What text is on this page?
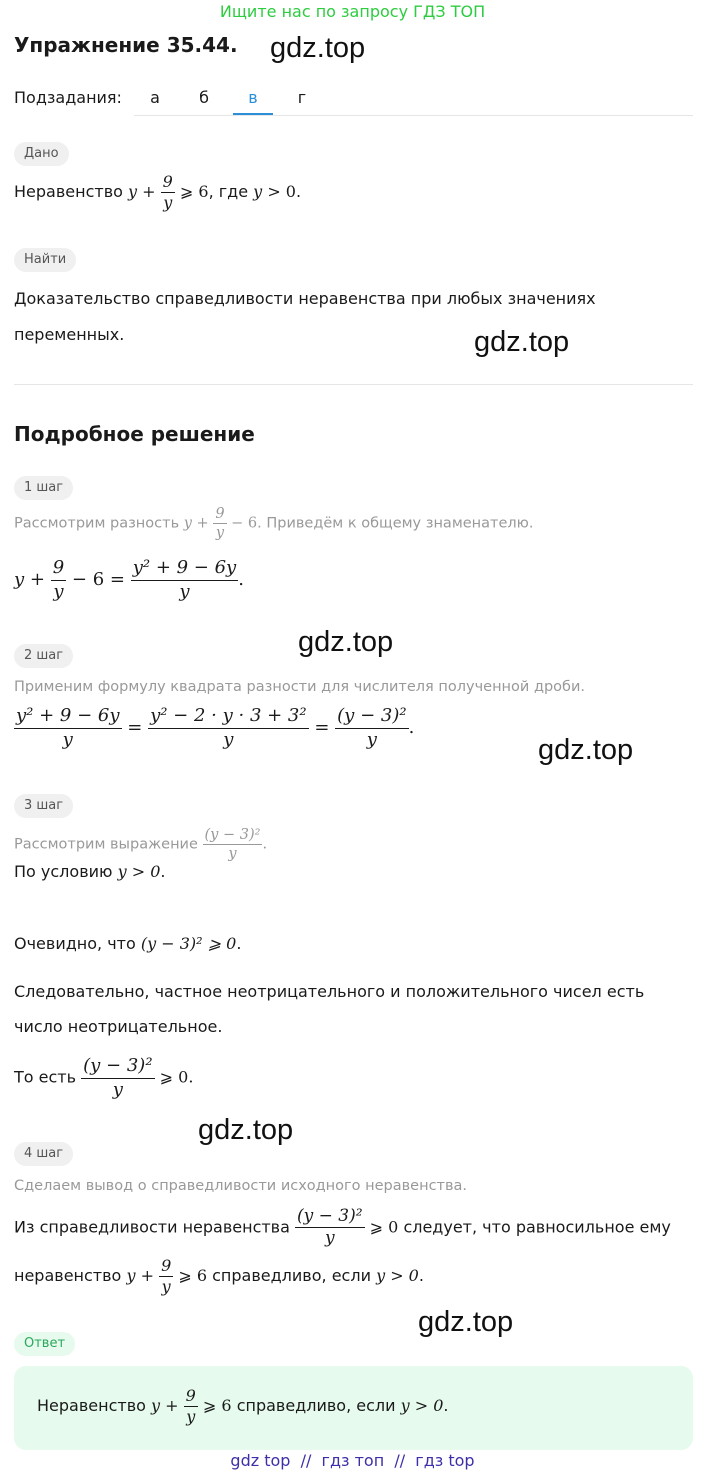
Ищите нас по запросу ГДЗ ТОП
Упражнение 35.44. gdz.top
Подзадания:	а	б	в	г
Дано
Неравенство $y + \frac{9}{y}$ ⩾ 6, где y > 0.
Найти
Доказательство справедливости неравенства при любых значениях
переменных.	gdz.top
Подробное решение
1 шаг
Рассмотрим разность $y + \frac{9}{y} - 6$. Приведём к общему знаменателю.
$y + \frac{9}{y} - 6 = \frac{\text{y² + 9 − 6y}}{y}$ .
gdz.top
2 шаг
Применим формулу квадрата разности для числителя полученной дроби.
$\frac{\text{y² + 9 − 6y}}{y} = \frac{\text{y² − 2 · y · 3 + 3²}}{y} = \frac{\text{(y − 3)²}}{y}$ .
gdz.top
3 шаг
Рассмотрим выражение $\frac{\text{(y − 3)²}}{y}$ .
По условию y > 0.
Очевидно, что (y − 3)² ⩾ 0.
Следовательно, частное неотрицательного и положительного чисел есть
число неотрицательное.
То есть $\frac{\text{(y − 3)²}}{y}$ ⩾ 0.
gdz.top
4 шаг
Сделаем вывод о справедливости исходного неравенства.
Из справедливости неравенства $\frac{\text{(y − 3)²}}{y}$ ⩾ 0 следует, что равносильное ему
неравенство $y + \frac{9}{y}$ ⩾ 6 справедливо, если y > 0.
gdz.top
Ответ
Неравенство $y + \frac{9}{y}$ ⩾ 6 справедливо, если y > 0.
gdz top  //  гдз топ  //  гдз top
